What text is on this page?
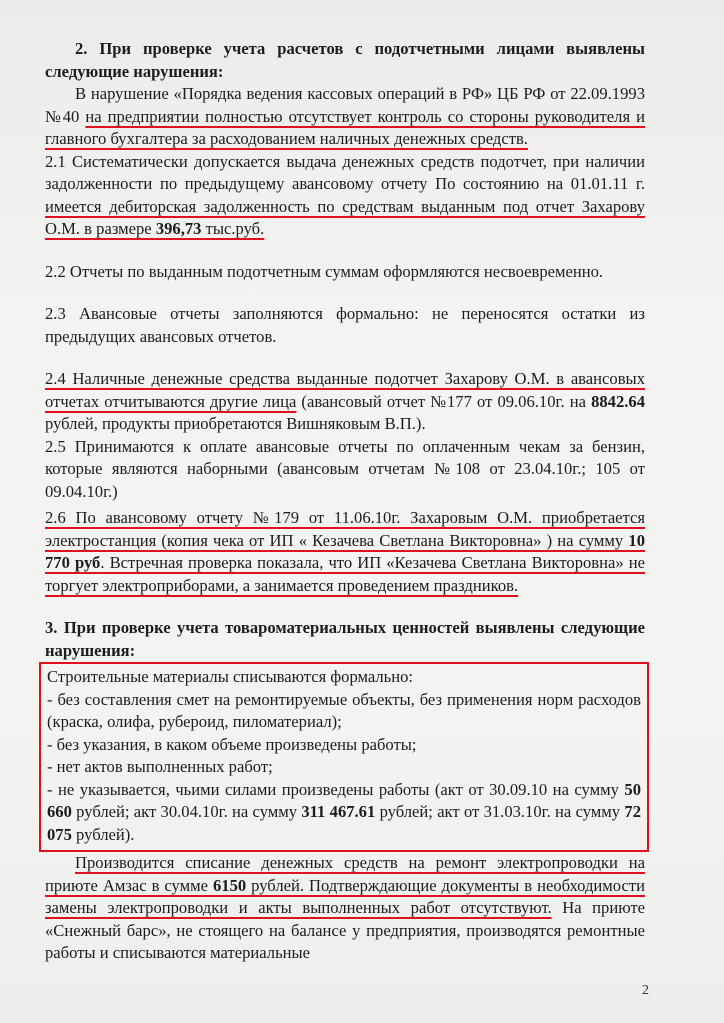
2. При проверке учета расчетов с подотчетными лицами выявлены следующие нарушения:

В нарушение «Порядка ведения кассовых операций в РФ» ЦБ РФ от 22.09.1993 №40 на предприятии полностью отсутствует контроль со стороны руководителя и главного бухгалтера за расходованием наличных денежных средств.

2.1 Систематически допускается выдача денежных средств подотчет, при наличии задолженности по предыдущему авансовому отчету По состоянию на 01.01.11 г. имеется дебиторская задолженность по средствам выданным под отчет Захарову О.М. в размере 396,73 тыс.руб.

2.2 Отчеты по выданным подотчетным суммам оформляются несвоевременно.

2.3 Авансовые отчеты заполняются формально: не переносятся остатки из предыдущих авансовых отчетов.

2.4 Наличные денежные средства выданные подотчет Захарову О.М. в авансовых отчетах отчитываются другие лица (авансовый отчет №177 от 09.06.10г. на 8842.64 рублей, продукты приобретаются Вишняковым В.П.).

2.5 Принимаются к оплате авансовые отчеты по оплаченным чекам за бензин, которые являются наборными (авансовым отчетам №108 от 23.04.10г.; 105 от 09.04.10г.)

2.6 По авансовому отчету №179 от 11.06.10г. Захаровым О.М. приобретается электростанция (копия чека от ИП « Кезачева Светлана Викторовна» ) на сумму 10 770 руб. Встречная проверка показала, что ИП «Кезачева Светлана Викторовна» не торгует электроприборами, а занимается проведением праздников.

3. При проверке учета товароматериальных ценностей выявлены следующие нарушения:

Строительные материалы списываются формально:

- без составления смет на ремонтируемые объекты, без применения норм расходов (краска, олифа, рубероид, пиломатериал);

- без указания, в каком объеме произведены работы;

- нет актов выполненных работ;

- не указывается, чьими силами произведены работы (акт от 30.09.10 на сумму 50 660 рублей; акт 30.04.10г. на сумму 311 467.61 рублей; акт от 31.03.10г. на сумму 72 075 рублей).

Производится списание денежных средств на ремонт электропроводки на приюте Амзас в сумме 6150 рублей. Подтверждающие документы в необходимости замены электропроводки и акты выполненных работ отсутствуют. На приюте «Снежный барс», не стоящего на балансе у предприятия, производятся ремонтные работы и списываются материальные

2
